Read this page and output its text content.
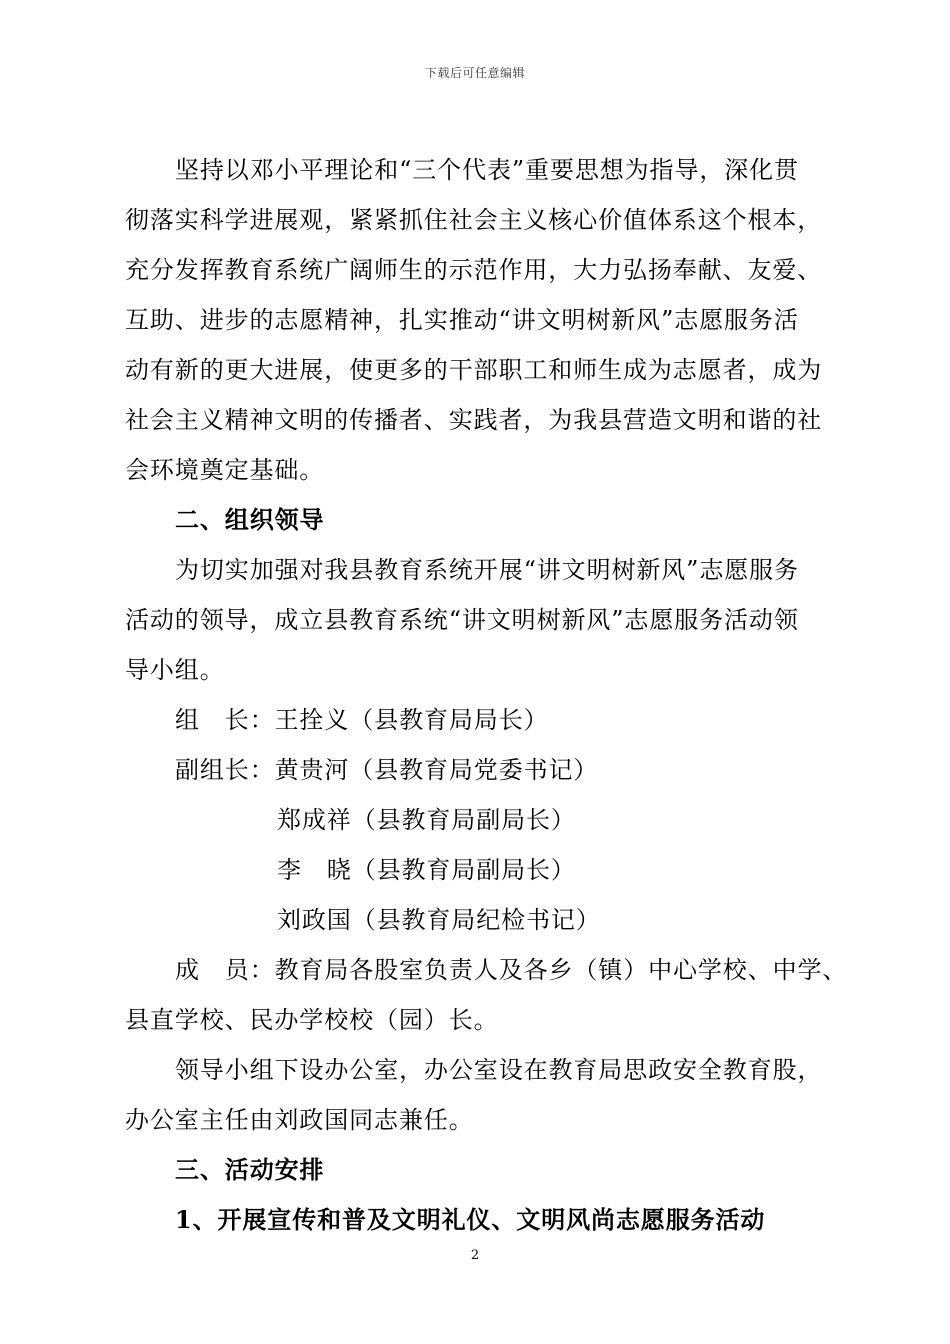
下载后可任意编辑
坚持以邓小平理论和“三个代表”重要思想为指导，深化贯
彻落实科学进展观，紧紧抓住社会主义核心价值体系这个根本，
充分发挥教育系统广阔师生的示范作用，大力弘扬奉献、友爱、
互助、进步的志愿精神，扎实推动“讲文明树新风”志愿服务活
动有新的更大进展，使更多的干部职工和师生成为志愿者，成为
社会主义精神文明的传播者、实践者，为我县营造文明和谐的社
会环境奠定基础。
二、组织领导
为切实加强对我县教育系统开展“讲文明树新风”志愿服务
活动的领导，成立县教育系统“讲文明树新风”志愿服务活动领
导小组。
组　长：王拴义（县教育局局长）
副组长：黄贵河（县教育局党委书记）
郑成祥（县教育局副局长）
李　晓（县教育局副局长）
刘政国（县教育局纪检书记）
成　员：教育局各股室负责人及各乡（镇）中心学校、中学、
县直学校、民办学校校（园）长。
领导小组下设办公室，办公室设在教育局思政安全教育股，
办公室主任由刘政国同志兼任。
三、活动安排
1、开展宣传和普及文明礼仪、文明风尚志愿服务活动
2
